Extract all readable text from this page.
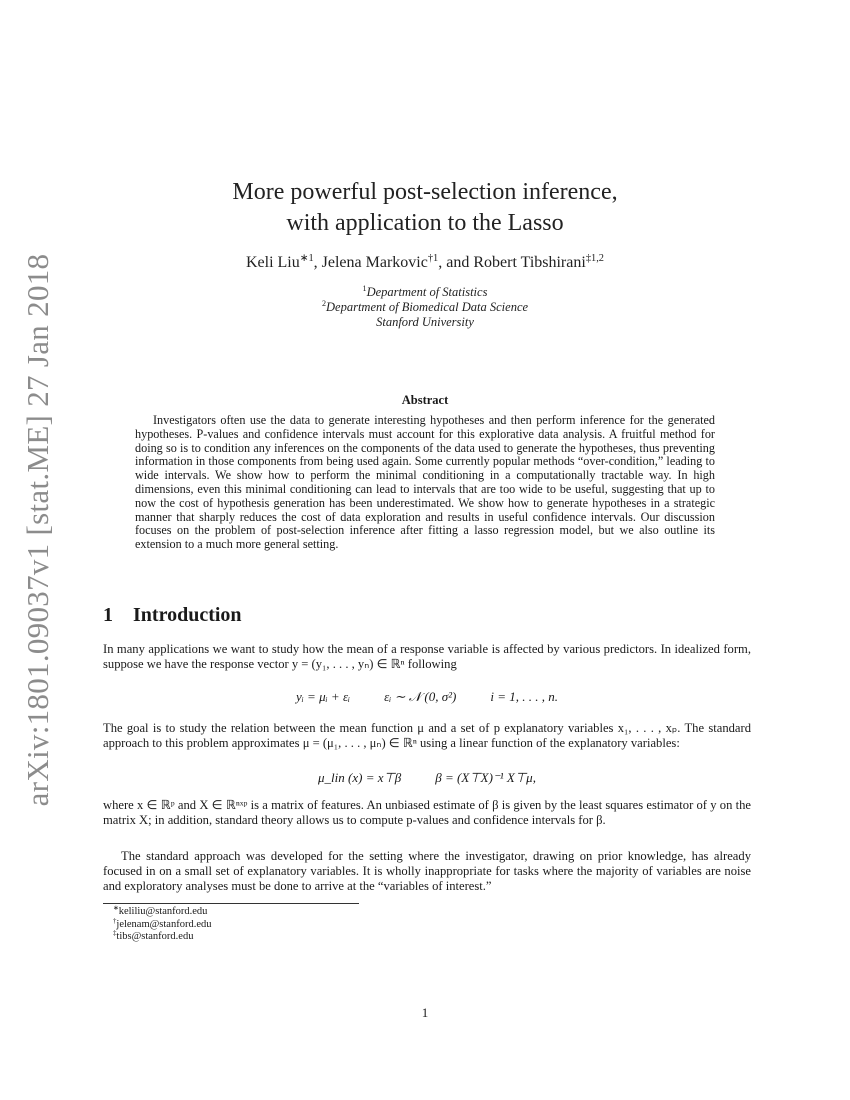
arXiv:1801.09037v1 [stat.ME] 27 Jan 2018
More powerful post-selection inference,
with application to the Lasso
Keli Liu$^{∗1}$, Jelena Markovic$^{\dagger 1}$, and Robert Tibshirani$^{\ddagger 1,2}$
$^1$Department of Statistics
$^2$Department of Biomedical Data Science
Stanford University
Abstract

Investigators often use the data to generate interesting hypotheses and then perform inference for the generated hypotheses. P-values and confidence intervals must account for this explorative data analysis. A fruitful method for doing so is to condition any inferences on the components of the data used to generate the hypotheses, thus preventing information in those components from being used again. Some currently popular methods “over-condition,” leading to wide intervals. We show how to perform the minimal conditioning in a computationally tractable way. In high dimensions, even this minimal conditioning can lead to intervals that are too wide to be useful, suggesting that up to now the cost of hypothesis generation has been underestimated. We show how to generate hypotheses in a strategic manner that sharply reduces the cost of data exploration and results in useful confidence intervals. Our discussion focuses on the problem of post-selection inference after fitting a lasso regression model, but we also outline its extension to a much more general setting.

1 Introduction

In many applications we want to study how the mean of a response variable is affected by various predictors. In idealized form, suppose we have the response vector y = (y₁, . . . , yₙ) ∈ ℝⁿ following

yᵢ = μᵢ + εᵢ	εᵢ ∼ 𝒩 (0, σ²)	i = 1, . . . , n.

The goal is to study the relation between the mean function μ and a set of p explanatory variables x₁, . . . , xₚ. The standard approach to this problem approximates μ = (μ₁, . . . , μₙ) ∈ ℝⁿ using a linear function of the explanatory variables:

μ_lin (x) = x⊤β	β = (X⊤X)⁻¹ X⊤μ,

where x ∈ ℝᵖ and X ∈ ℝⁿˣᵖ is a matrix of features. An unbiased estimate of β is given by the least squares estimator of y on the matrix X; in addition, standard theory allows us to compute p-values and confidence intervals for β.

The standard approach was developed for the setting where the investigator, drawing on prior knowledge, has already focused in on a small set of explanatory variables. It is wholly inappropriate for tasks where the majority of variables are noise and exploratory analyses must be done to arrive at the “variables of interest.”

∗keliliu@stanford.edu
†jelenam@stanford.edu
‡tibs@stanford.edu
1
